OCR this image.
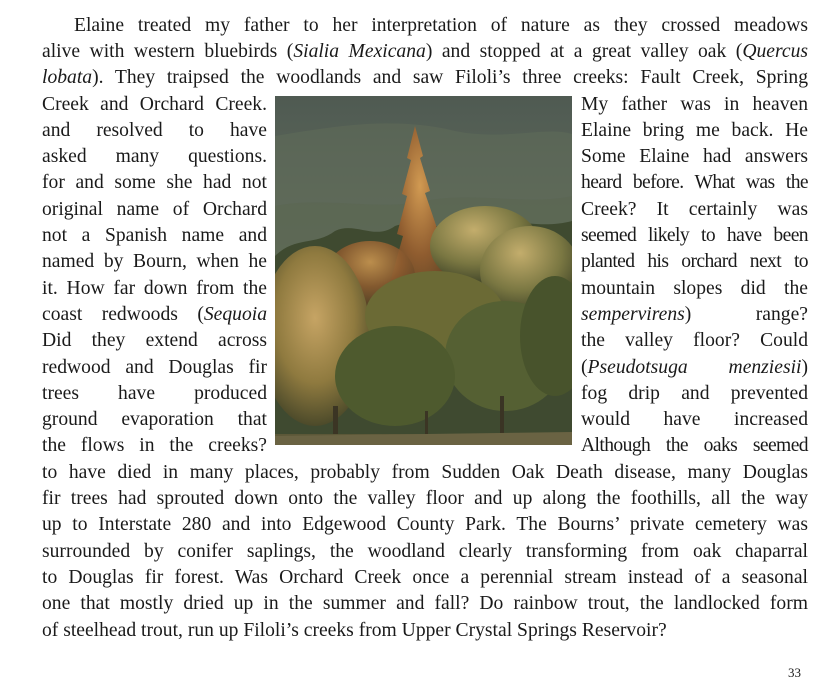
Elaine treated my father to her interpretation of nature as they crossed meadows
alive with western bluebirds (Sialia Mexicana) and stopped at a great valley oak (Quercus
lobata). They traipsed the woodlands and saw Filoli’s three creeks: Fault Creek, Spring
Creek and Orchard Creek.
and resolved to have
asked many questions.
for and some she had not
original name of Orchard
not a Spanish name and
named by Bourn, when he
it. How far down from the
coast redwoods (Sequoia
Did they extend across
redwood and Douglas fir
trees have produced
ground evaporation that
the flows in the creeks?
My father was in heaven
Elaine bring me back. He
Some Elaine had answers
heard before. What was the
Creek? It certainly was
seemed likely to have been
planted his orchard next to
mountain slopes did the
sempervirens) range?
the valley floor? Could
(Pseudotsuga menziesii)
fog drip and prevented
would have increased
Although the oaks seemed
to have died in many places, probably from Sudden Oak Death disease, many Douglas
fir trees had sprouted down onto the valley floor and up along the foothills, all the way
up to Interstate 280 and into Edgewood County Park. The Bourns’ private cemetery was
surrounded by conifer saplings, the woodland clearly transforming from oak chaparral
to Douglas fir forest. Was Orchard Creek once a perennial stream instead of a seasonal
one that mostly dried up in the summer and fall? Do rainbow trout, the landlocked form
of steelhead trout, run up Filoli’s creeks from Upper Crystal Springs Reservoir?
33
